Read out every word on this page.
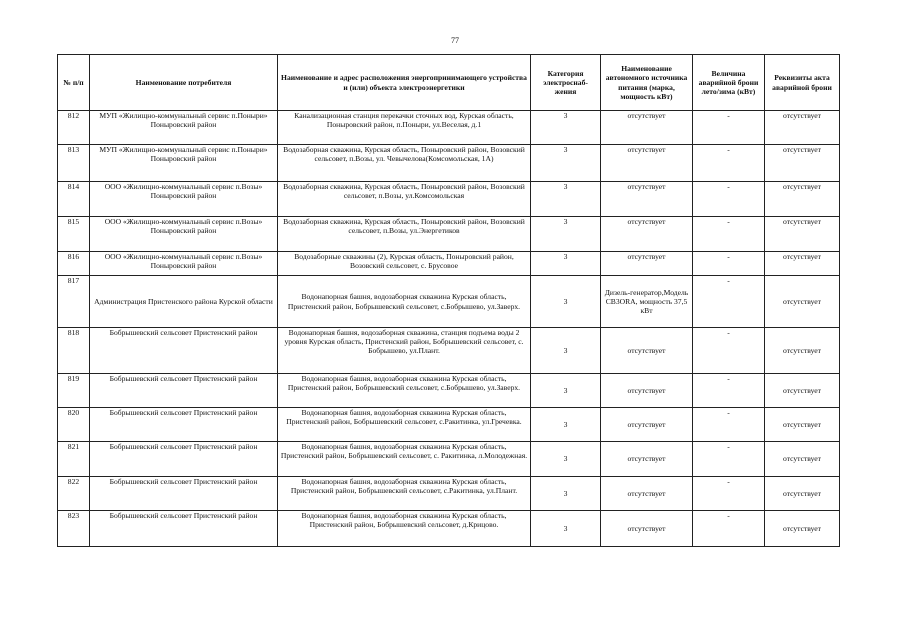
77
№ п/п	Наименование потребителя	Наименование и адрес расположения энергопринимающего устройства и (или) объекта электроэнергетики	Категория электроснаб-жения	Наименование автономного источника питания (марка, мощность кВт)	Величина аварийной брони лето/зима (кВт)	Реквизиты акта аварийной брони
812	МУП «Жилищно-коммунальный сервис п.Поныри» Поныровский район	Канализационная станция перекачки сточных вод, Курская область, Поныровский район, п.Поныри, ул.Веселая, д.1	3	отсутствует	-	отсутствует
813	МУП «Жилищно-коммунальный сервис п.Поныри» Поныровский район	Водозаборная скважина, Курская область, Поныровский район, Возовский сельсовет, п.Возы, ул. Чевычелова(Комсомольская, 1А)	3	отсутствует	-	отсутствует
814	ООО «Жилищно-коммунальный сервис п.Возы» Поныровский район	Водозаборная скважина, Курская область, Поныровский район, Возовский сельсовет, п.Возы, ул.Комсомольская	3	отсутствует	-	отсутствует
815	ООО «Жилищно-коммунальный сервис п.Возы» Поныровский район	Водозаборная скважина, Курская область, Поныровский район, Возовский сельсовет, п.Возы, ул.Энергетиков	3	отсутствует	-	отсутствует
816	ООО «Жилищно-коммунальный сервис п.Возы» Поныровский район	Водозаборные скважины (2), Курская область, Поныровский район, Возовский сельсовет, с. Брусовое	3	отсутствует	-	отсутствует
817	Администрация Пристенского района Курской области	Водонапорная башня, водозаборная скважина Курская область, Пристенский район, Бобрышевский сельсовет, с.Бобрышево, ул.Заверх.	3	Дизель-генератор,Модель CB3ORA, мощность 37,5 кВт	-	отсутствует
818	Бобрышевский сельсовет Пристенский район	Водонапорная башня, водозаборная скважина, станция подъема воды 2 уровня Курская область, Пристенский район, Бобрышевский сельсовет, с. Бобрышево, ул.Плант.	3	отсутствует	-	отсутствует
819	Бобрышевский сельсовет Пристенский район	Водонапорная башня, водозаборная скважина Курская область, Пристенский район, Бобрышевский сельсовет, с.Бобрышево, ул.Заверх.	3	отсутствует	-	отсутствует
820	Бобрышевский сельсовет Пристенский район	Водонапорная башня, водозаборная скважина Курская область, Пристенский район, Бобрышевский сельсовет, с.Ракитинка, ул.Гречевка.	3	отсутствует	-	отсутствует
821	Бобрышевский сельсовет Пристенский район	Водонапорная башня, водозаборная скважина Курская область, Пристенский район, Бобрышевский сельсовет, с. Ракитинка, л.Молодежная.	3	отсутствует	-	отсутствует
822	Бобрышевский сельсовет Пристенский район	Водонапорная башня, водозаборная скважина Курская область, Пристенский район, Бобрышевский сельсовет, с.Ракитинка, ул.Плант.	3	отсутствует	-	отсутствует
823	Бобрышевский сельсовет Пристенский район	Водонапорная башня, водозаборная скважина Курская область, Пристенский район, Бобрышевский сельсовет, д.Крицово.	3	отсутствует	-	отсутствует
